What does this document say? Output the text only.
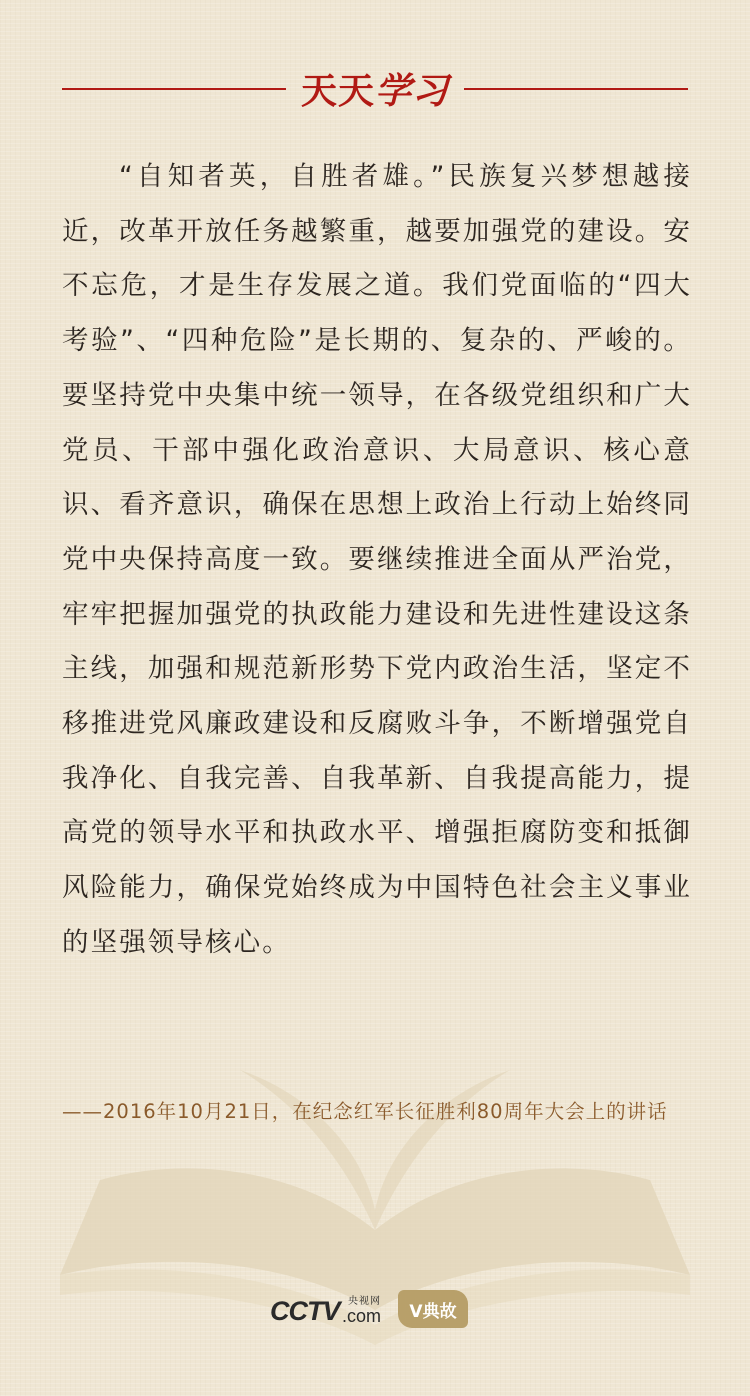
天天 学习

“自知者英，自胜者雄。”民族复兴梦想越接近，改革开放任务越繁重，越要加强党的建设。安不忘危，才是生存发展之道。我们党面临的“四大考验”、“四种危险”是长期的、复杂的、严峻的。要坚持党中央集中统一领导，在各级党组织和广大党员、干部中强化政治意识、大局意识、核心意识、看齐意识，确保在思想上政治上行动上始终同党中央保持高度一致。要继续推进全面从严治党，牢牢把握加强党的执政能力建设和先进性建设这条主线，加强和规范新形势下党内政治生活，坚定不移推进党风廉政建设和反腐败斗争，不断增强党自我净化、自我完善、自我革新、自我提高能力，提高党的领导水平和执政水平、增强拒腐防变和抵御风险能力，确保党始终成为中国特色社会主义事业的坚强领导核心。

——2016年10月21日，在纪念红军长征胜利80周年大会上的讲话

CCTV 央视网
.com	V典故
